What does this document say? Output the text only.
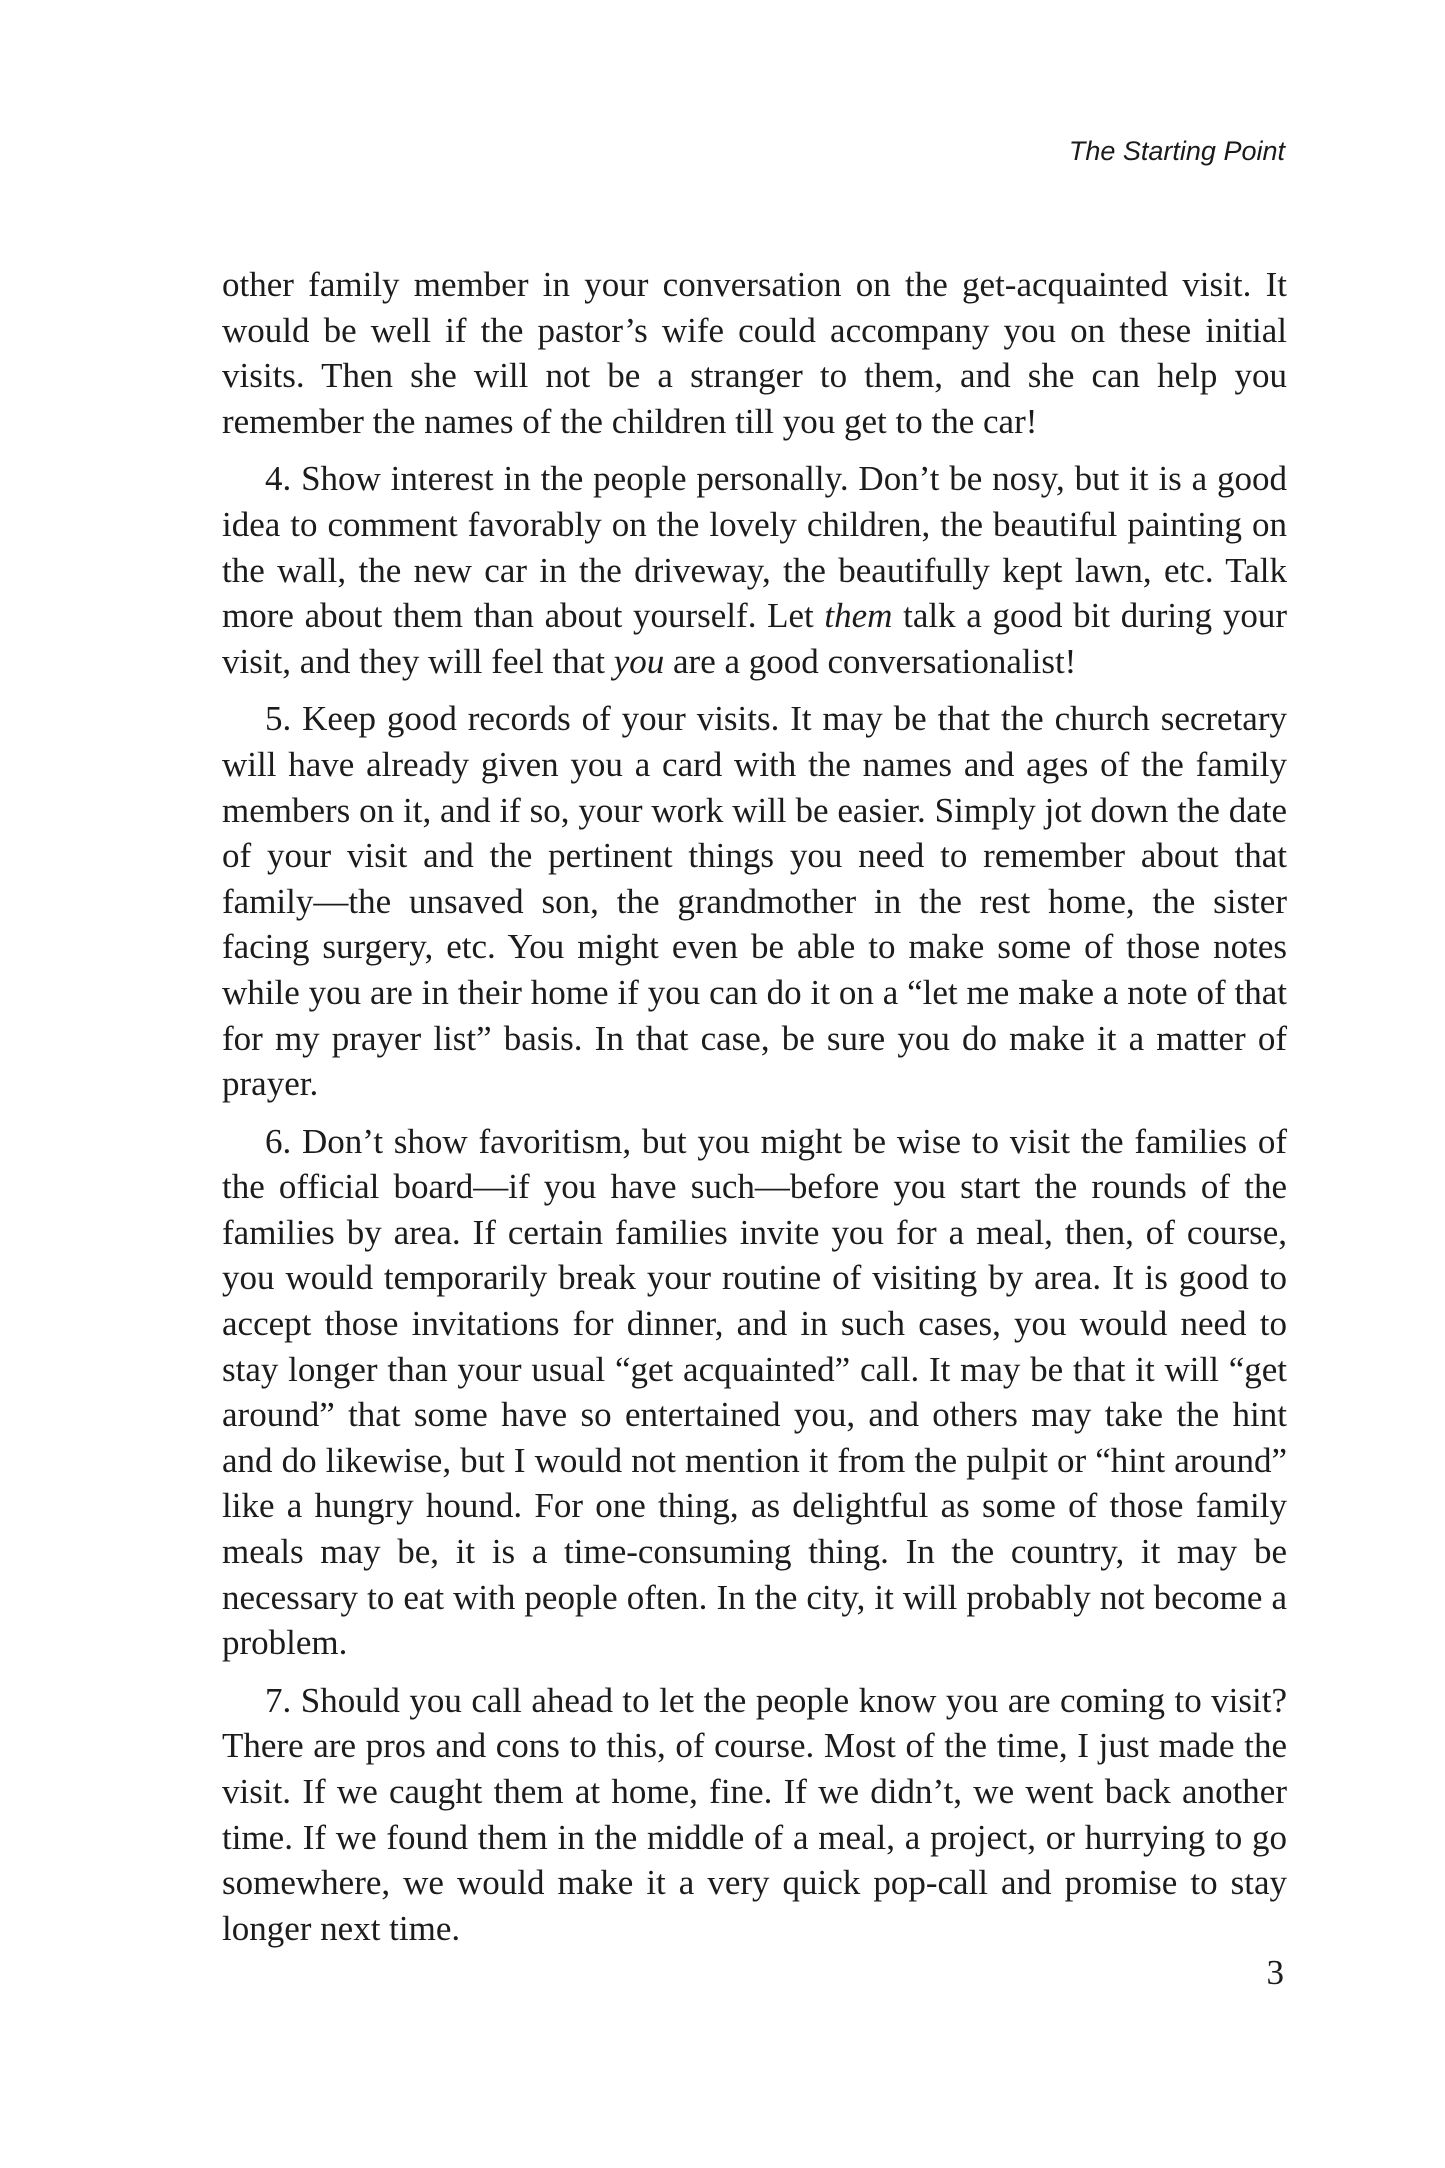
The Starting Point

other family member in your conversation on the get-acquainted visit. It would be well if the pastor’s wife could accompany you on these initial visits. Then she will not be a stranger to them, and she can help you remember the names of the children till you get to the car!

4. Show interest in the people personally. Don’t be nosy, but it is a good idea to comment favorably on the lovely children, the beautiful painting on the wall, the new car in the driveway, the beautifully kept lawn, etc. Talk more about them than about yourself. Let them talk a good bit during your visit, and they will feel that you are a good conversationalist!

5. Keep good records of your visits. It may be that the church secretary will have already given you a card with the names and ages of the family members on it, and if so, your work will be easier. Simply jot down the date of your visit and the pertinent things you need to remember about that family—the unsaved son, the grandmother in the rest home, the sister facing surgery, etc. You might even be able to make some of those notes while you are in their home if you can do it on a “let me make a note of that for my prayer list” basis. In that case, be sure you do make it a matter of prayer.

6. Don’t show favoritism, but you might be wise to visit the families of the official board—if you have such—before you start the rounds of the families by area. If certain families invite you for a meal, then, of course, you would temporarily break your routine of visiting by area. It is good to accept those invitations for dinner, and in such cases, you would need to stay longer than your usual “get acquainted” call. It may be that it will “get around” that some have so entertained you, and others may take the hint and do likewise, but I would not mention it from the pulpit or “hint around” like a hungry hound. For one thing, as delightful as some of those family meals may be, it is a time-consuming thing. In the country, it may be necessary to eat with people often. In the city, it will probably not become a problem.

7. Should you call ahead to let the people know you are coming to visit? There are pros and cons to this, of course. Most of the time, I just made the visit. If we caught them at home, fine. If we didn’t, we went back another time. If we found them in the middle of a meal, a project, or hurrying to go somewhere, we would make it a very quick pop-call and promise to stay longer next time.

3
